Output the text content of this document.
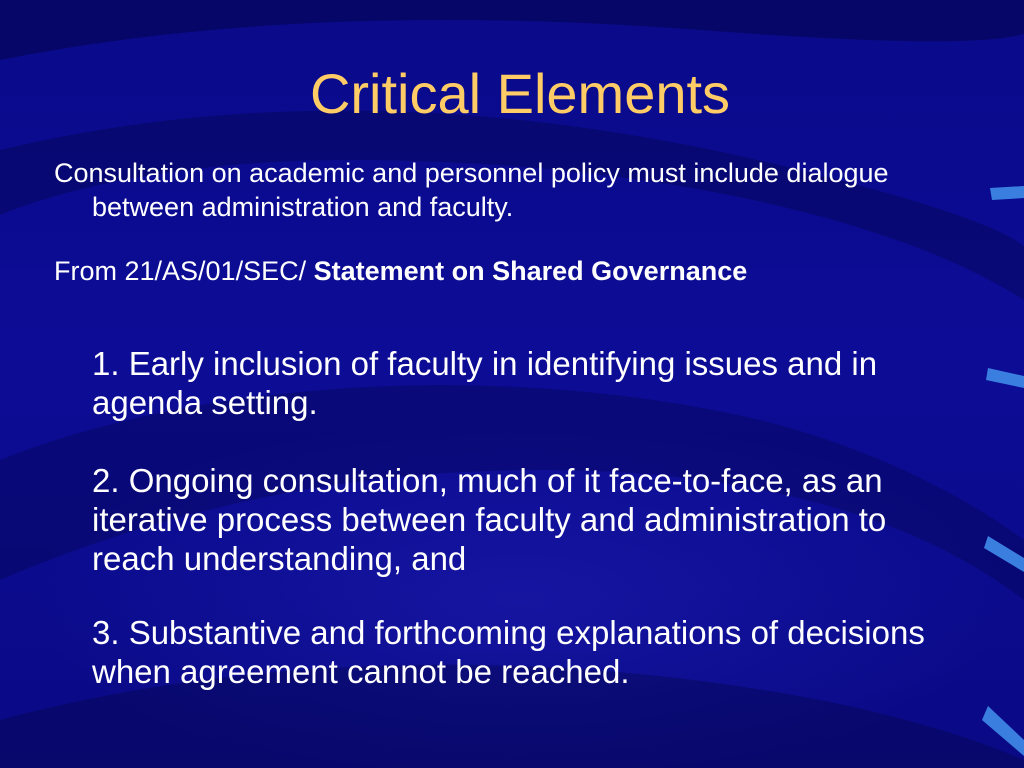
Critical Elements
Consultation on academic and personnel policy must include dialogue between administration and faculty.
From 21/AS/01/SEC/ Statement on Shared Governance
1. Early inclusion of faculty in identifying issues and in agenda setting.
2. Ongoing consultation, much of it face-to-face, as an iterative process between faculty and administration to reach understanding, and
3. Substantive and forthcoming explanations of decisions when agreement cannot be reached.
